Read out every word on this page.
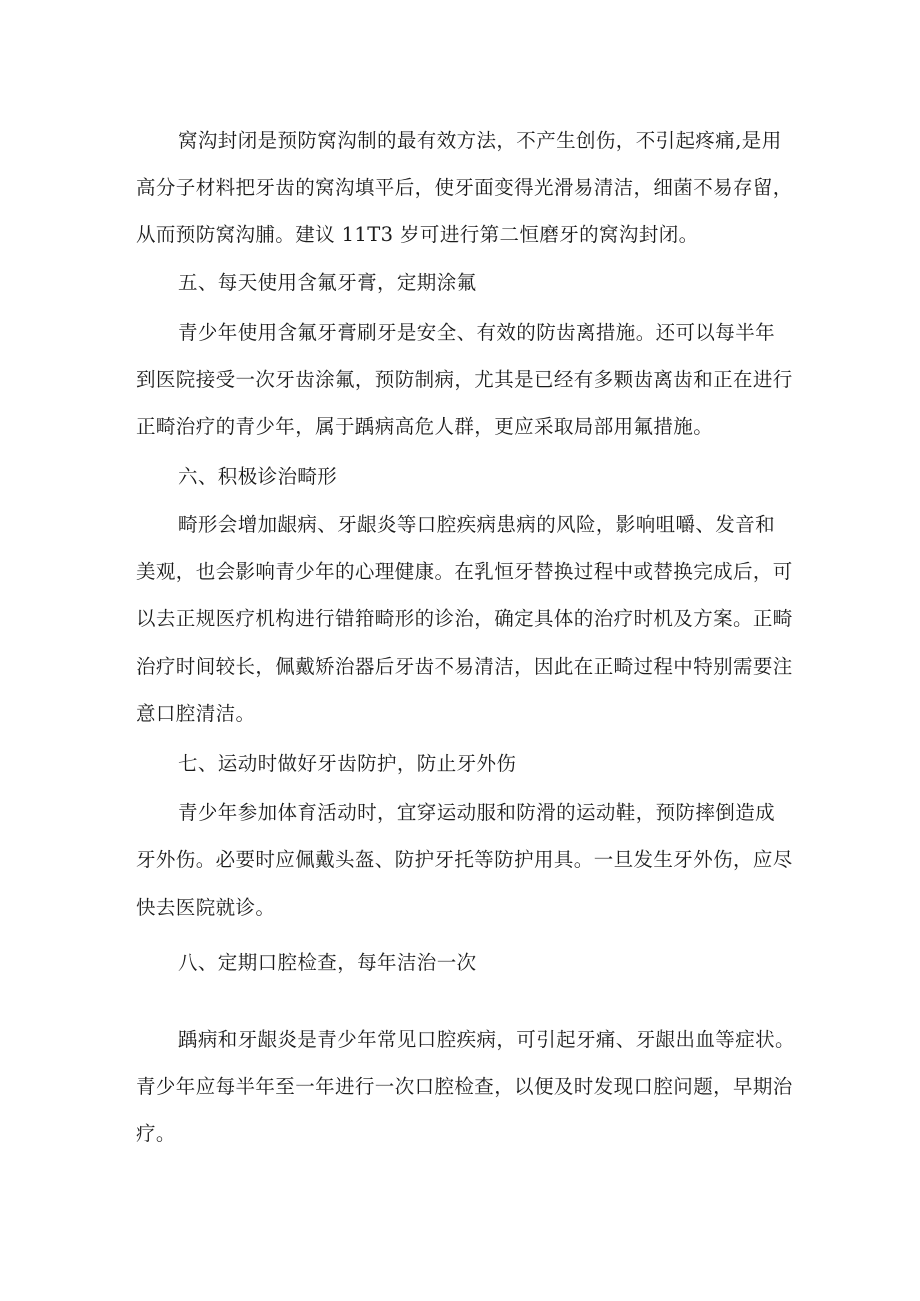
窝沟封闭是预防窝沟制的最有效方法，不产生创伤，不引起疼痛,是用
高分子材料把牙齿的窝沟填平后，使牙面变得光滑易清洁，细菌不易存留，
从而预防窝沟脯。建议 11T3 岁可进行第二恒磨牙的窝沟封闭。
五、每天使用含氟牙膏，定期涂氟
青少年使用含氟牙膏刷牙是安全、有效的防齿离措施。还可以每半年
到医院接受一次牙齿涂氟，预防制病，尤其是已经有多颗齿离齿和正在进行
正畸治疗的青少年，属于踽病高危人群，更应采取局部用氟措施。
六、积极诊治畸形
畸形会增加龈病、牙龈炎等口腔疾病患病的风险，影响咀嚼、发音和
美观，也会影响青少年的心理健康。在乳恒牙替换过程中或替换完成后，可
以去正规医疗机构进行错箝畸形的诊治，确定具体的治疗时机及方案。正畸
治疗时间较长，佩戴矫治器后牙齿不易清洁，因此在正畸过程中特别需要注
意口腔清洁。
七、运动时做好牙齿防护，防止牙外伤
青少年参加体育活动时，宜穿运动服和防滑的运动鞋，预防摔倒造成
牙外伤。必要时应佩戴头盔、防护牙托等防护用具。一旦发生牙外伤，应尽
快去医院就诊。
八、定期口腔检查，每年洁治一次
踽病和牙龈炎是青少年常见口腔疾病，可引起牙痛、牙龈出血等症状。
青少年应每半年至一年进行一次口腔检查，以便及时发现口腔问题，早期治
疗。
